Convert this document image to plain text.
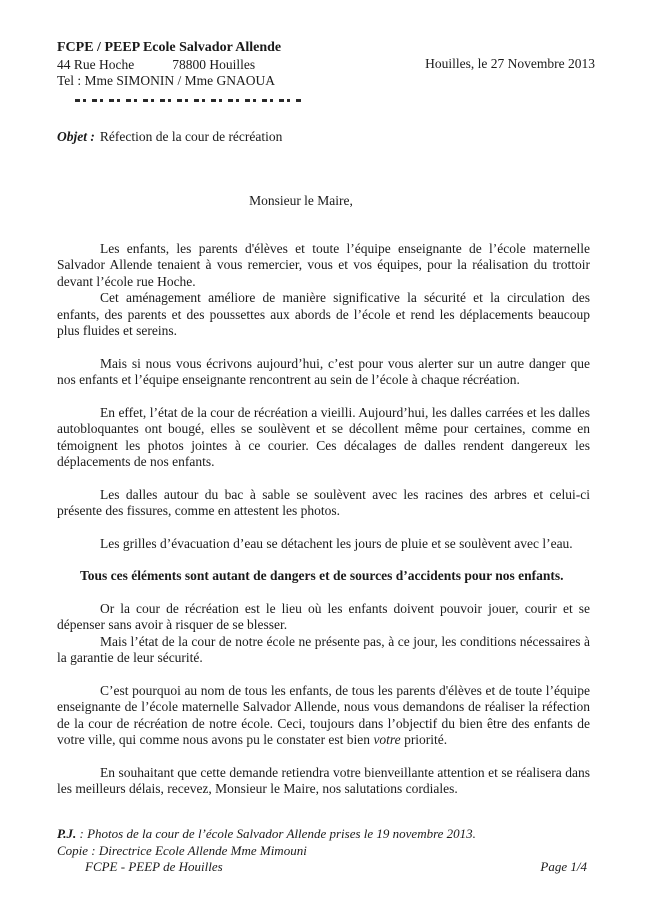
FCPE / PEEP Ecole Salvador Allende
44 Rue Hoche	78800 Houilles
Tel : Mme SIMONIN / Mme GNAOUA
Houilles, le 27 Novembre 2013
Objet : Réfection de la cour de récréation
Monsieur le Maire,

Les enfants, les parents d'élèves et toute l’équipe enseignante de l’école maternelle Salvador Allende tenaient à vous remercier, vous et vos équipes, pour la réalisation du trottoir devant l’école rue Hoche.

Cet aménagement améliore de manière significative la sécurité et la circulation des enfants, des parents et des poussettes aux abords de l’école et rend les déplacements beaucoup plus fluides et sereins.

Mais si nous vous écrivons aujourd’hui, c’est pour vous alerter sur un autre danger que nos enfants et l’équipe enseignante rencontrent au sein de l’école à chaque récréation.

En effet, l’état de la cour de récréation a vieilli. Aujourd’hui, les dalles carrées et les dalles autobloquantes ont bougé, elles se soulèvent et se décollent même pour certaines, comme en témoignent les photos jointes à ce courier. Ces décalages de dalles rendent dangereux les déplacements de nos enfants.

Les dalles autour du bac à sable se soulèvent avec les racines des arbres et celui-ci présente des fissures, comme en attestent les photos.

Les grilles d’évacuation d’eau se détachent les jours de pluie et se soulèvent avec l’eau.

Tous ces éléments sont autant de dangers et de sources d’accidents pour nos enfants.

Or la cour de récréation est le lieu où les enfants doivent pouvoir jouer, courir et se dépenser sans avoir à risquer de se blesser.

Mais l’état de la cour de notre école ne présente pas, à ce jour, les conditions nécessaires à la garantie de leur sécurité.

C’est pourquoi au nom de tous les enfants, de tous les parents d'élèves et de toute l’équipe enseignante de l’école maternelle Salvador Allende, nous vous demandons de réaliser la réfection de la cour de récréation de notre école. Ceci, toujours dans l’objectif du bien être des enfants de votre ville, qui comme nous avons pu le constater est bien votre priorité.

En souhaitant que cette demande retiendra votre bienveillante attention et se réalisera dans les meilleurs délais, recevez, Monsieur le Maire, nos salutations cordiales.

P.J. : Photos de la cour de l’école Salvador Allende prises le 19 novembre 2013.
Copie : Directrice Ecole Allende Mme Mimouni
FCPE - PEEP de Houilles	Page 1/4
